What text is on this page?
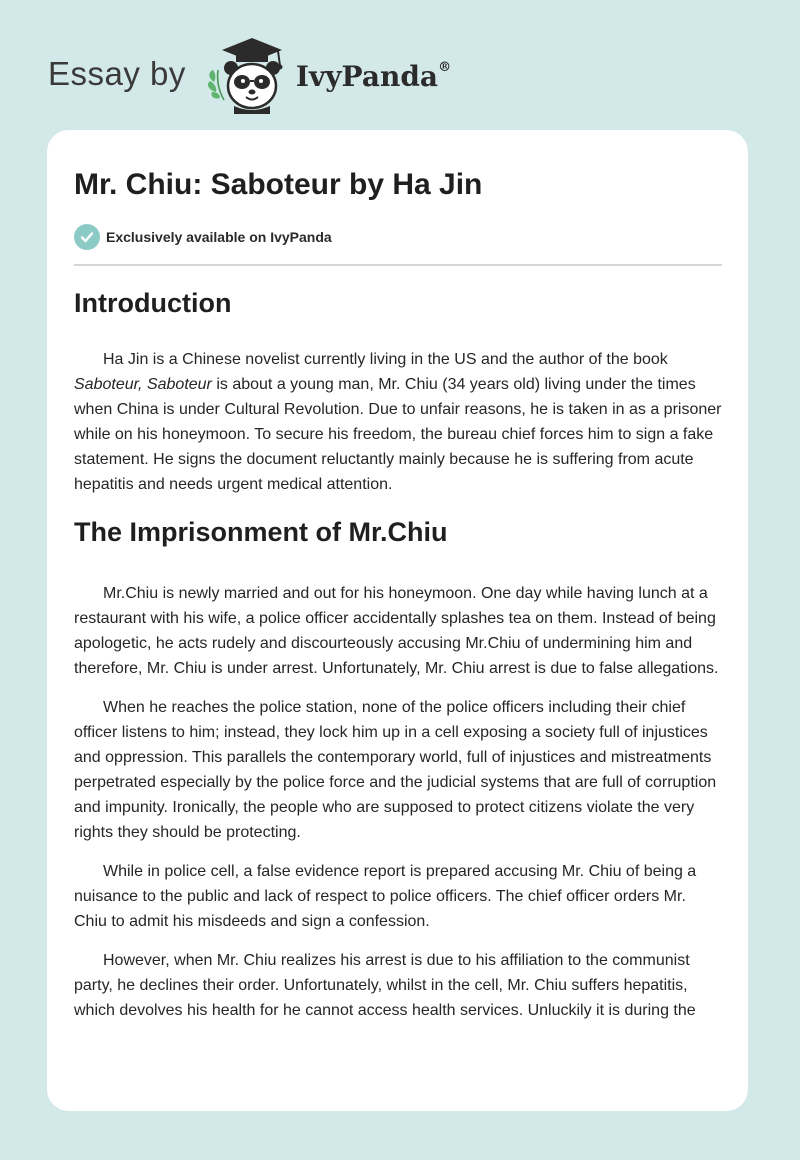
Essay by	IvyPanda®
Mr. Chiu: Saboteur by Ha Jin
Exclusively available on IvyPanda
Introduction

Ha Jin is a Chinese novelist currently living in the US and the author of the book Saboteur, Saboteur is about a young man, Mr. Chiu (34 years old) living under the times when China is under Cultural Revolution. Due to unfair reasons, he is taken in as a prisoner while on his honeymoon. To secure his freedom, the bureau chief forces him to sign a fake statement. He signs the document reluctantly mainly because he is suffering from acute hepatitis and needs urgent medical attention.

The Imprisonment of Mr.Chiu

Mr.Chiu is newly married and out for his honeymoon. One day while having lunch at a restaurant with his wife, a police officer accidentally splashes tea on them. Instead of being apologetic, he acts rudely and discourteously accusing Mr.Chiu of undermining him and therefore, Mr. Chiu is under arrest. Unfortunately, Mr. Chiu arrest is due to false allegations.

When he reaches the police station, none of the police officers including their chief officer listens to him; instead, they lock him up in a cell exposing a society full of injustices and oppression. This parallels the contemporary world, full of injustices and mistreatments perpetrated especially by the police force and the judicial systems that are full of corruption and impunity. Ironically, the people who are supposed to protect citizens violate the very rights they should be protecting.

While in police cell, a false evidence report is prepared accusing Mr. Chiu of being a nuisance to the public and lack of respect to police officers. The chief officer orders Mr. Chiu to admit his misdeeds and sign a confession.

However, when Mr. Chiu realizes his arrest is due to his affiliation to the communist party, he declines their order. Unfortunately, whilst in the cell, Mr. Chiu suffers hepatitis, which devolves his health for he cannot access health services. Unluckily it is during the
